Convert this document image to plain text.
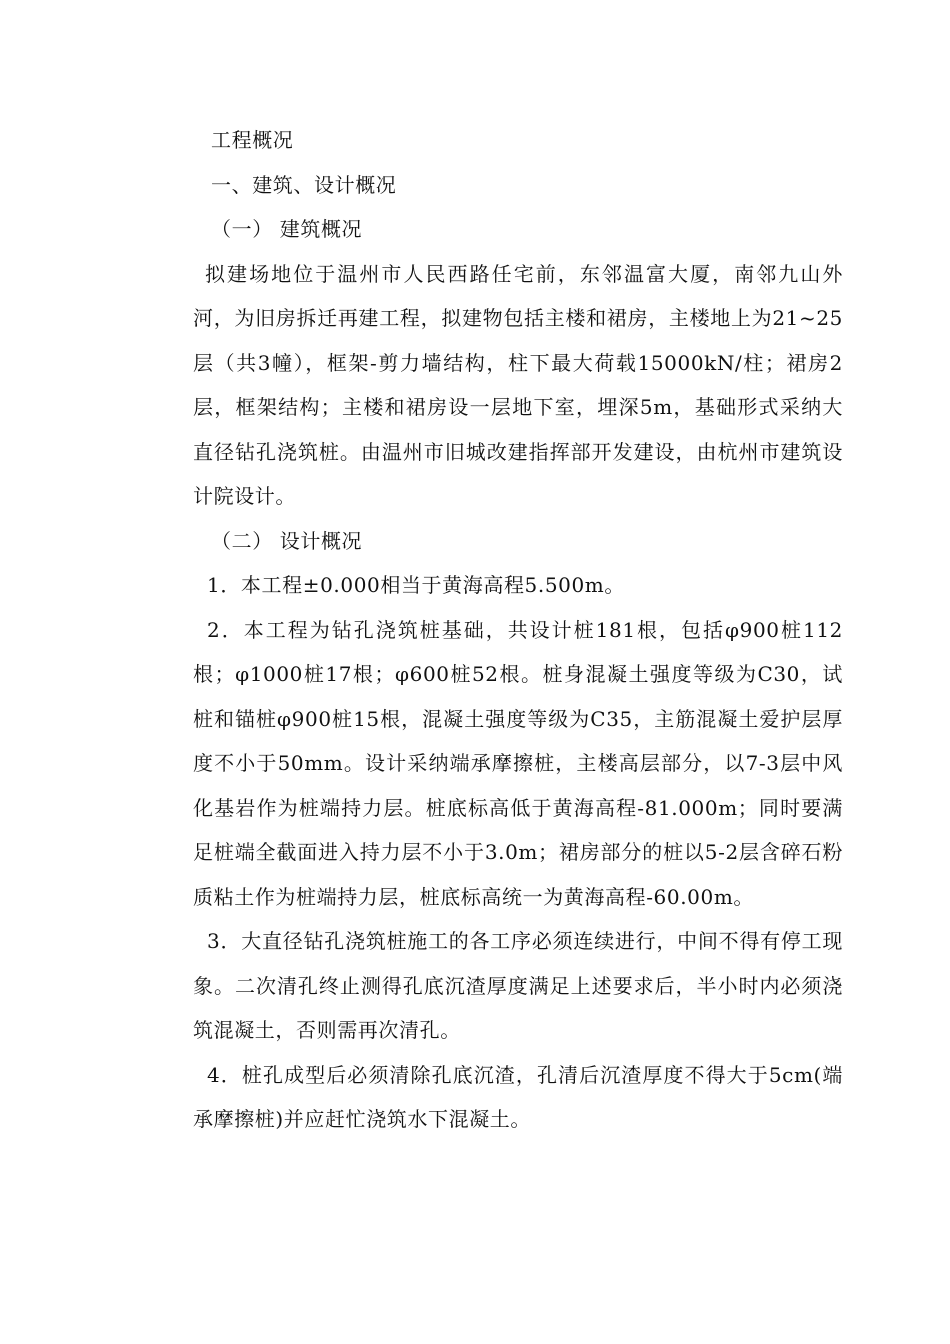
工程概况

一、建筑、设计概况

（一） 建筑概况

拟建场地位于温州市人民西路任宅前，东邻温富大厦，南邻九山外河，为旧房拆迁再建工程，拟建物包括主楼和裙房，主楼地上为21~25层（共3幢），框架-剪力墙结构，柱下最大荷载15000kN/柱；裙房2层，框架结构；主楼和裙房设一层地下室，埋深5m，基础形式采纳大直径钻孔浇筑桩。由温州市旧城改建指挥部开发建设，由杭州市建筑设计院设计。

（二） 设计概况

1．本工程±0.000相当于黄海高程5.500m。

2．本工程为钻孔浇筑桩基础，共设计桩181根，包括φ900桩112根；φ1000桩17根；φ600桩52根。桩身混凝土强度等级为C30，试桩和锚桩φ900桩15根，混凝土强度等级为C35，主筋混凝土爱护层厚度不小于50mm。设计采纳端承摩擦桩，主楼高层部分，以7-3层中风化基岩作为桩端持力层。桩底标高低于黄海高程-81.000m；同时要满足桩端全截面进入持力层不小于3.0m；裙房部分的桩以5-2层含碎石粉质粘土作为桩端持力层，桩底标高统一为黄海高程-60.00m。

3．大直径钻孔浇筑桩施工的各工序必须连续进行，中间不得有停工现象。二次清孔终止测得孔底沉渣厚度满足上述要求后，半小时内必须浇筑混凝土，否则需再次清孔。

4．桩孔成型后必须清除孔底沉渣，孔清后沉渣厚度不得大于5cm(端承摩擦桩)并应赶忙浇筑水下混凝土。
